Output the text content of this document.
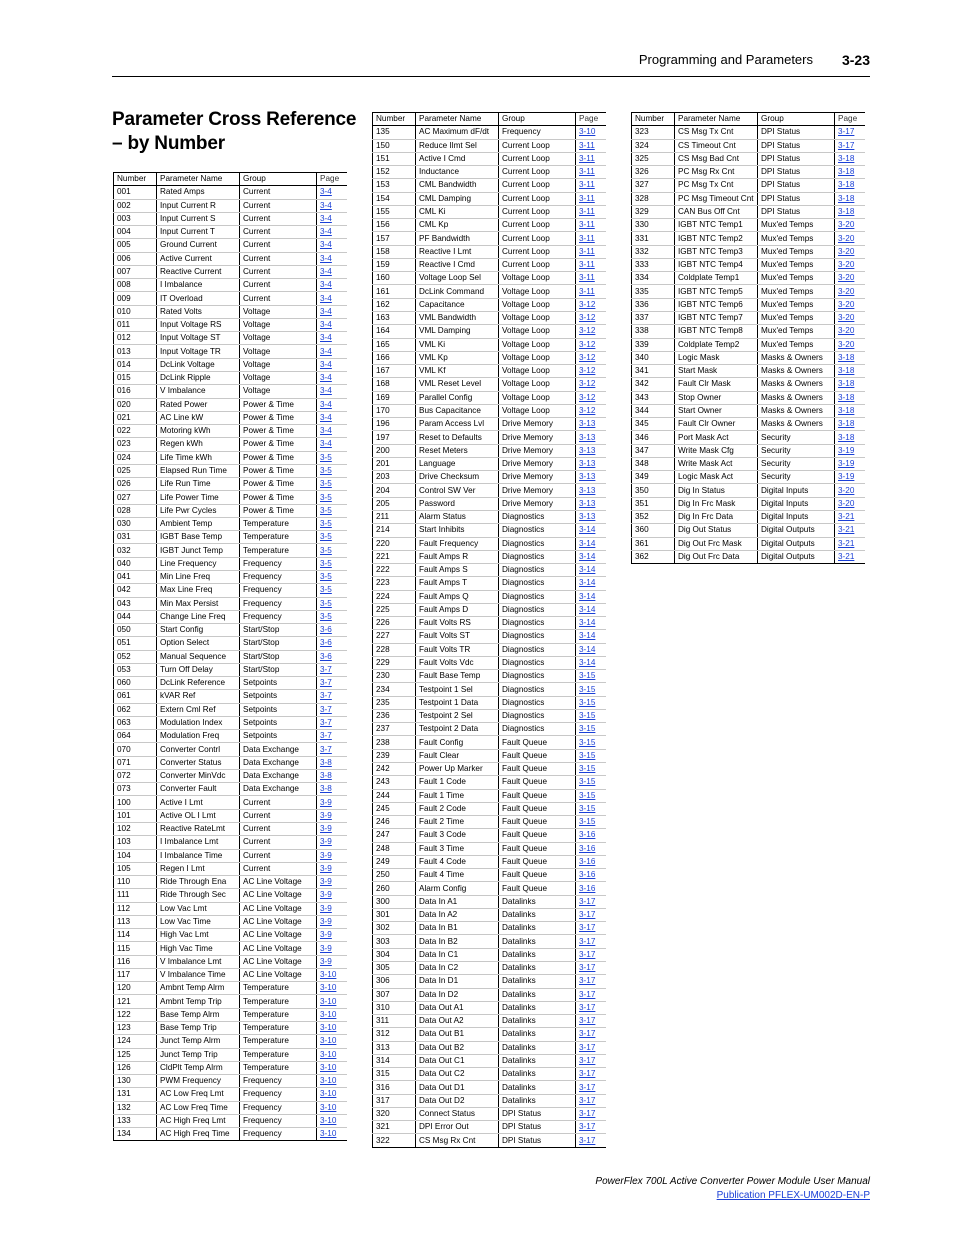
Programming and Parameters	3-23
Parameter Cross Reference – by Number
Number	Parameter Name	Group	Page
001	Rated Amps	Current	3-4
002	Input Current R	Current	3-4
003	Input Current S	Current	3-4
004	Input Current T	Current	3-4
005	Ground Current	Current	3-4
006	Active Current	Current	3-4
007	Reactive Current	Current	3-4
008	I Imbalance	Current	3-4
009	IT Overload	Current	3-4
010	Rated Volts	Voltage	3-4
011	Input Voltage RS	Voltage	3-4
012	Input Voltage ST	Voltage	3-4
013	Input Voltage TR	Voltage	3-4
014	DcLink Voltage	Voltage	3-4
015	DcLink Ripple	Voltage	3-4
016	V Imbalance	Voltage	3-4
020	Rated Power	Power & Time	3-4
021	AC Line kW	Power & Time	3-4
022	Motoring kWh	Power & Time	3-4
023	Regen kWh	Power & Time	3-4
024	Life Time kWh	Power & Time	3-5
025	Elapsed Run Time	Power & Time	3-5
026	Life Run Time	Power & Time	3-5
027	Life Power Time	Power & Time	3-5
028	Life Pwr Cycles	Power & Time	3-5
030	Ambient Temp	Temperature	3-5
031	IGBT Base Temp	Temperature	3-5
032	IGBT Junct Temp	Temperature	3-5
040	Line Frequency	Frequency	3-5
041	Min Line Freq	Frequency	3-5
042	Max Line Freq	Frequency	3-5
043	Min Max Persist	Frequency	3-5
044	Change Line Freq	Frequency	3-5
050	Start Config	Start/Stop	3-6
051	Option Select	Start/Stop	3-6
052	Manual Sequence	Start/Stop	3-6
053	Turn Off Delay	Start/Stop	3-7
060	DcLink Reference	Setpoints	3-7
061	kVAR Ref	Setpoints	3-7
062	Extern Cml Ref	Setpoints	3-7
063	Modulation Index	Setpoints	3-7
064	Modulation Freq	Setpoints	3-7
070	Converter Contrl	Data Exchange	3-7
071	Converter Status	Data Exchange	3-8
072	Converter MinVdc	Data Exchange	3-8
073	Converter Fault	Data Exchange	3-8
100	Active I Lmt	Current	3-9
101	Active OL I Lmt	Current	3-9
102	Reactive RateLmt	Current	3-9
103	I Imbalance Lmt	Current	3-9
104	I Imbalance Time	Current	3-9
105	Regen I Lmt	Current	3-9
110	Ride Through Ena	AC Line Voltage	3-9
111	Ride Through Sec	AC Line Voltage	3-9
112	Low Vac Lmt	AC Line Voltage	3-9
113	Low Vac Time	AC Line Voltage	3-9
114	High Vac Lmt	AC Line Voltage	3-9
115	High Vac Time	AC Line Voltage	3-9
116	V Imbalance Lmt	AC Line Voltage	3-9
117	V Imbalance Time	AC Line Voltage	3-10
120	Ambnt Temp Alrm	Temperature	3-10
121	Ambnt Temp Trip	Temperature	3-10
122	Base Temp Alrm	Temperature	3-10
123	Base Temp Trip	Temperature	3-10
124	Junct Temp Alrm	Temperature	3-10
125	Junct Temp Trip	Temperature	3-10
126	CldPlt Temp Alrm	Temperature	3-10
130	PWM Frequency	Frequency	3-10
131	AC Low Freq Lmt	Frequency	3-10
132	AC Low Freq Time	Frequency	3-10
133	AC High Freq Lmt	Frequency	3-10
134	AC High Freq Time	Frequency	3-10
Number	Parameter Name	Group	Page
135	AC Maximum dF/dt	Frequency	3-10
150	Reduce Ilmt Sel	Current Loop	3-11
151	Active I Cmd	Current Loop	3-11
152	Inductance	Current Loop	3-11
153	CML Bandwidth	Current Loop	3-11
154	CML Damping	Current Loop	3-11
155	CML Ki	Current Loop	3-11
156	CML Kp	Current Loop	3-11
157	PF Bandwidth	Current Loop	3-11
158	Reactive I Lmt	Current Loop	3-11
159	Reactive I Cmd	Current Loop	3-11
160	Voltage Loop Sel	Voltage Loop	3-11
161	DcLink Command	Voltage Loop	3-11
162	Capacitance	Voltage Loop	3-12
163	VML Bandwidth	Voltage Loop	3-12
164	VML Damping	Voltage Loop	3-12
165	VML Ki	Voltage Loop	3-12
166	VML Kp	Voltage Loop	3-12
167	VML Kf	Voltage Loop	3-12
168	VML Reset Level	Voltage Loop	3-12
169	Parallel Config	Voltage Loop	3-12
170	Bus Capacitance	Voltage Loop	3-12
196	Param Access Lvl	Drive Memory	3-13
197	Reset to Defaults	Drive Memory	3-13
200	Reset Meters	Drive Memory	3-13
201	Language	Drive Memory	3-13
203	Drive Checksum	Drive Memory	3-13
204	Control SW Ver	Drive Memory	3-13
205	Password	Drive Memory	3-13
211	Alarm Status	Diagnostics	3-13
214	Start Inhibits	Diagnostics	3-14
220	Fault Frequency	Diagnostics	3-14
221	Fault Amps R	Diagnostics	3-14
222	Fault Amps S	Diagnostics	3-14
223	Fault Amps T	Diagnostics	3-14
224	Fault Amps Q	Diagnostics	3-14
225	Fault Amps D	Diagnostics	3-14
226	Fault Volts RS	Diagnostics	3-14
227	Fault Volts ST	Diagnostics	3-14
228	Fault Volts TR	Diagnostics	3-14
229	Fault Volts Vdc	Diagnostics	3-14
230	Fault Base Temp	Diagnostics	3-15
234	Testpoint 1 Sel	Diagnostics	3-15
235	Testpoint 1 Data	Diagnostics	3-15
236	Testpoint 2 Sel	Diagnostics	3-15
237	Testpoint 2 Data	Diagnostics	3-15
238	Fault Config	Fault Queue	3-15
239	Fault Clear	Fault Queue	3-15
242	Power Up Marker	Fault Queue	3-15
243	Fault 1 Code	Fault Queue	3-15
244	Fault 1 Time	Fault Queue	3-15
245	Fault 2 Code	Fault Queue	3-15
246	Fault 2 Time	Fault Queue	3-15
247	Fault 3 Code	Fault Queue	3-16
248	Fault 3 Time	Fault Queue	3-16
249	Fault 4 Code	Fault Queue	3-16
250	Fault 4 Time	Fault Queue	3-16
260	Alarm Config	Fault Queue	3-16
300	Data In A1	Datalinks	3-17
301	Data In A2	Datalinks	3-17
302	Data In B1	Datalinks	3-17
303	Data In B2	Datalinks	3-17
304	Data In C1	Datalinks	3-17
305	Data In C2	Datalinks	3-17
306	Data In D1	Datalinks	3-17
307	Data In D2	Datalinks	3-17
310	Data Out A1	Datalinks	3-17
311	Data Out A2	Datalinks	3-17
312	Data Out B1	Datalinks	3-17
313	Data Out B2	Datalinks	3-17
314	Data Out C1	Datalinks	3-17
315	Data Out C2	Datalinks	3-17
316	Data Out D1	Datalinks	3-17
317	Data Out D2	Datalinks	3-17
320	Connect Status	DPI Status	3-17
321	DPI Error Out	DPI Status	3-17
322	CS Msg Rx Cnt	DPI Status	3-17
Number	Parameter Name	Group	Page
323	CS Msg Tx Cnt	DPI Status	3-17
324	CS Timeout Cnt	DPI Status	3-17
325	CS Msg Bad Cnt	DPI Status	3-18
326	PC Msg Rx Cnt	DPI Status	3-18
327	PC Msg Tx Cnt	DPI Status	3-18
328	PC Msg Timeout Cnt	DPI Status	3-18
329	CAN Bus Off Cnt	DPI Status	3-18
330	IGBT NTC Temp1	Mux'ed Temps	3-20
331	IGBT NTC Temp2	Mux'ed Temps	3-20
332	IGBT NTC Temp3	Mux'ed Temps	3-20
333	IGBT NTC Temp4	Mux'ed Temps	3-20
334	Coldplate Temp1	Mux'ed Temps	3-20
335	IGBT NTC Temp5	Mux'ed Temps	3-20
336	IGBT NTC Temp6	Mux'ed Temps	3-20
337	IGBT NTC Temp7	Mux'ed Temps	3-20
338	IGBT NTC Temp8	Mux'ed Temps	3-20
339	Coldplate Temp2	Mux'ed Temps	3-20
340	Logic Mask	Masks & Owners	3-18
341	Start Mask	Masks & Owners	3-18
342	Fault Clr Mask	Masks & Owners	3-18
343	Stop Owner	Masks & Owners	3-18
344	Start Owner	Masks & Owners	3-18
345	Fault Clr Owner	Masks & Owners	3-18
346	Port Mask Act	Security	3-18
347	Write Mask Cfg	Security	3-19
348	Write Mask Act	Security	3-19
349	Logic Mask Act	Security	3-19
350	Dig In Status	Digital Inputs	3-20
351	Dig In Frc Mask	Digital Inputs	3-20
352	Dig In Frc Data	Digital Inputs	3-21
360	Dig Out Status	Digital Outputs	3-21
361	Dig Out Frc Mask	Digital Outputs	3-21
362	Dig Out Frc Data	Digital Outputs	3-21
PowerFlex 700L Active Converter Power Module User Manual
Publication PFLEX-UM002D-EN-P
